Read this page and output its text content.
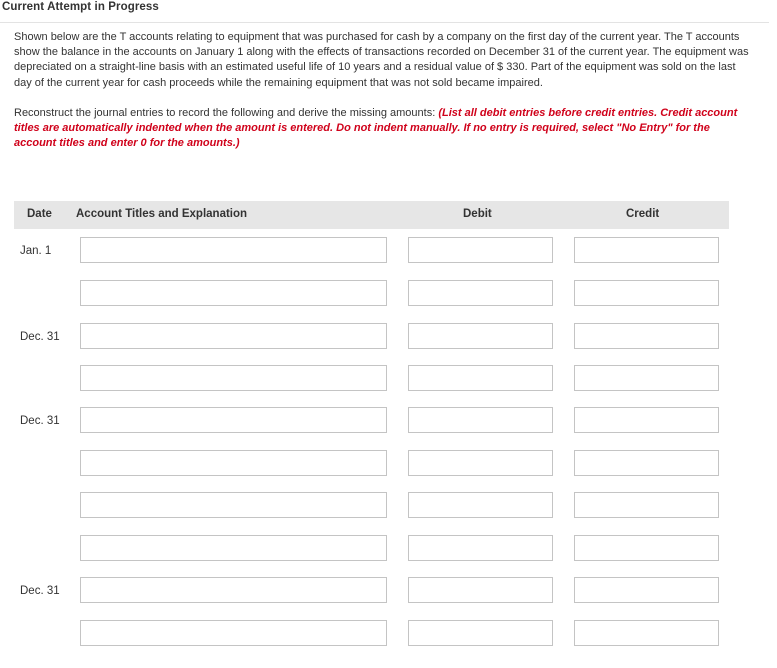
Current Attempt in Progress

Shown below are the T accounts relating to equipment that was purchased for cash by a company on the first day of the current year. The T accounts show the balance in the accounts on January 1 along with the effects of transactions recorded on December 31 of the current year. The equipment was depreciated on a straight-line basis with an estimated useful life of 10 years and a residual value of $ 330. Part of the equipment was sold on the last day of the current year for cash proceeds while the remaining equipment that was not sold became impaired.

Reconstruct the journal entries to record the following and derive the missing amounts: (List all debit entries before credit entries. Credit account titles are automatically indented when the amount is entered. Do not indent manually. If no entry is required, select "No Entry" for the account titles and enter 0 for the amounts.)

Date Account Titles and Explanation	Debit	Credit
Jan. 1
Dec. 31
Dec. 31
Dec. 31
